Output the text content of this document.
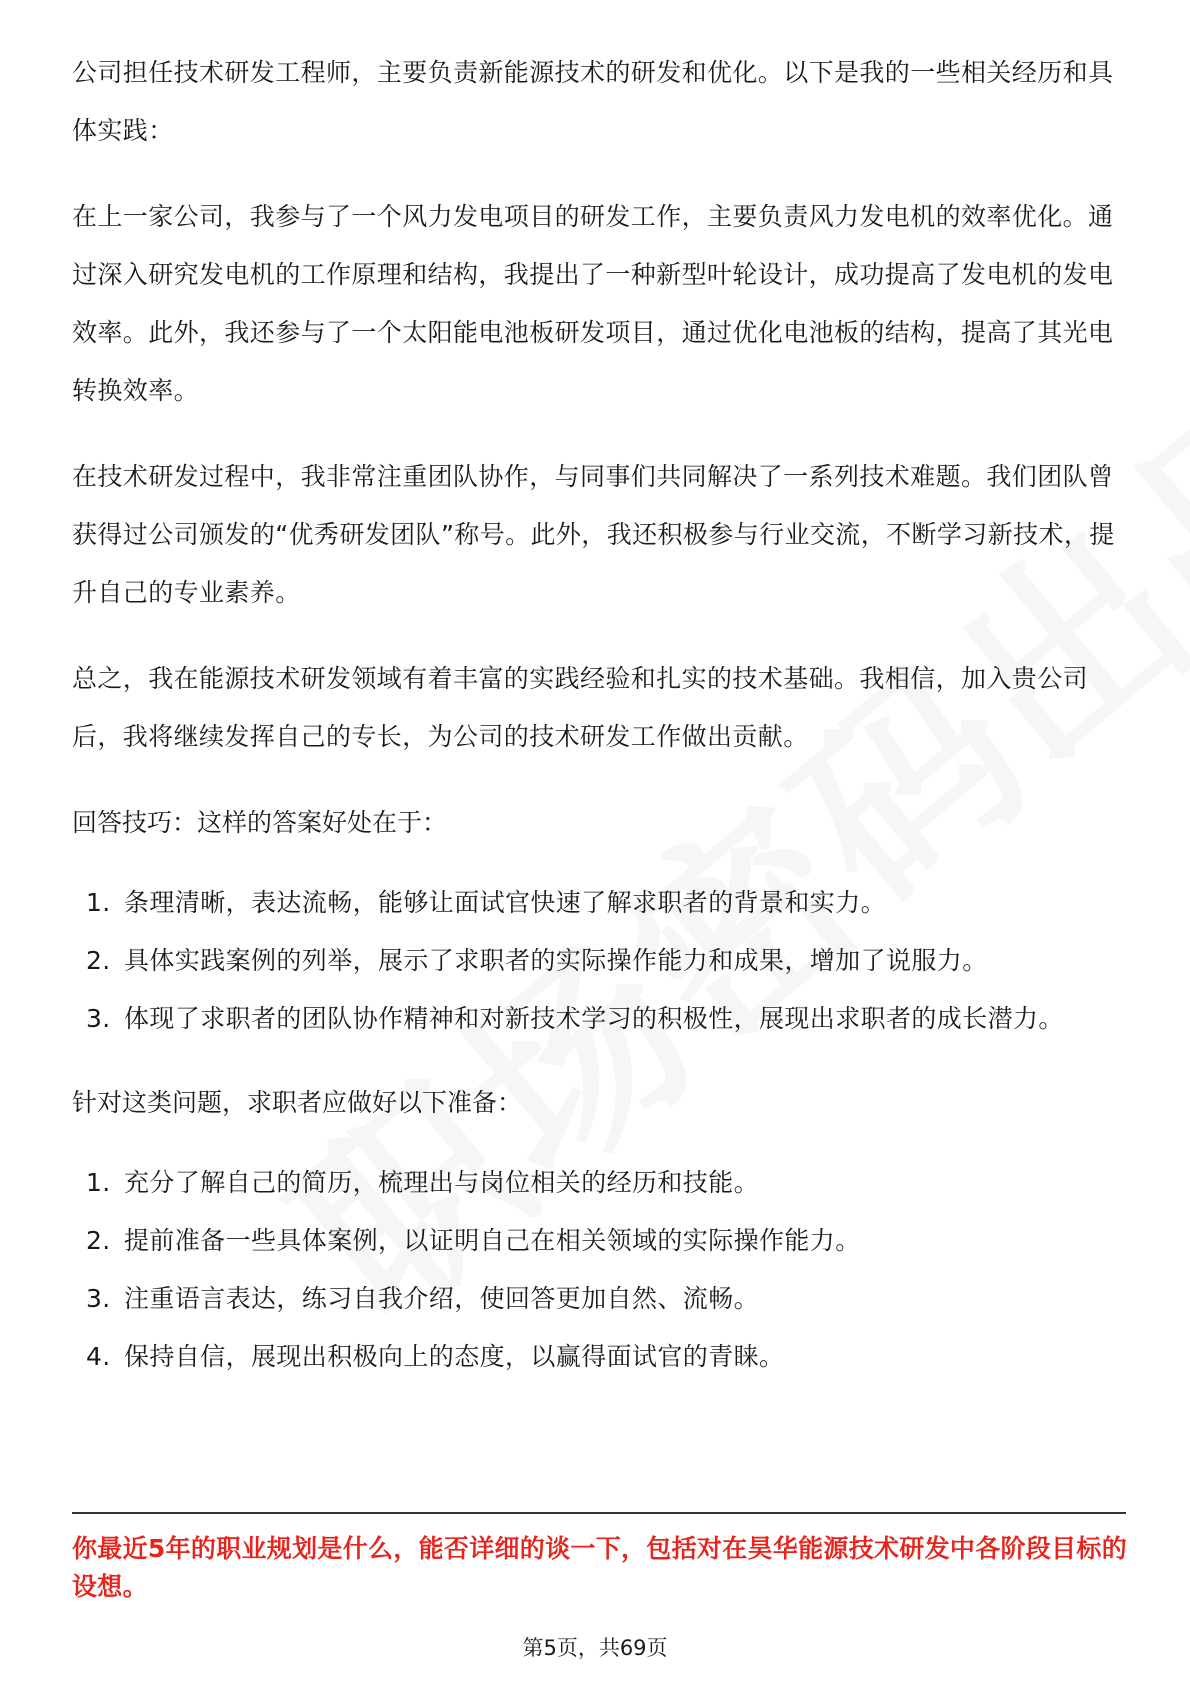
公司担任技术研发工程师，主要负责新能源技术的研发和优化。以下是我的一些相关经历和具体实践：

在上一家公司，我参与了一个风力发电项目的研发工作，主要负责风力发电机的效率优化。通过深入研究发电机的工作原理和结构，我提出了一种新型叶轮设计，成功提高了发电机的发电效率。此外，我还参与了一个太阳能电池板研发项目，通过优化电池板的结构，提高了其光电转换效率。

在技术研发过程中，我非常注重团队协作，与同事们共同解决了一系列技术难题。我们团队曾获得过公司颁发的“优秀研发团队”称号。此外，我还积极参与行业交流，不断学习新技术，提升自己的专业素养。

总之，我在能源技术研发领域有着丰富的实践经验和扎实的技术基础。我相信，加入贵公司后，我将继续发挥自己的专长，为公司的技术研发工作做出贡献。

回答技巧：这样的答案好处在于：

1. 条理清晰，表达流畅，能够让面试官快速了解求职者的背景和实力。
2. 具体实践案例的列举，展示了求职者的实际操作能力和成果，增加了说服力。
3. 体现了求职者的团队协作精神和对新技术学习的积极性，展现出求职者的成长潜力。

针对这类问题，求职者应做好以下准备：

1. 充分了解自己的简历，梳理出与岗位相关的经历和技能。
2. 提前准备一些具体案例，以证明自己在相关领域的实际操作能力。
3. 注重语言表达，练习自我介绍，使回答更加自然、流畅。
4. 保持自信，展现出积极向上的态度，以赢得面试官的青睐。
你最近5年的职业规划是什么，能否详细的谈一下，包括对在昊华能源技术研发中各阶段目标的设想。
第5页，共69页
